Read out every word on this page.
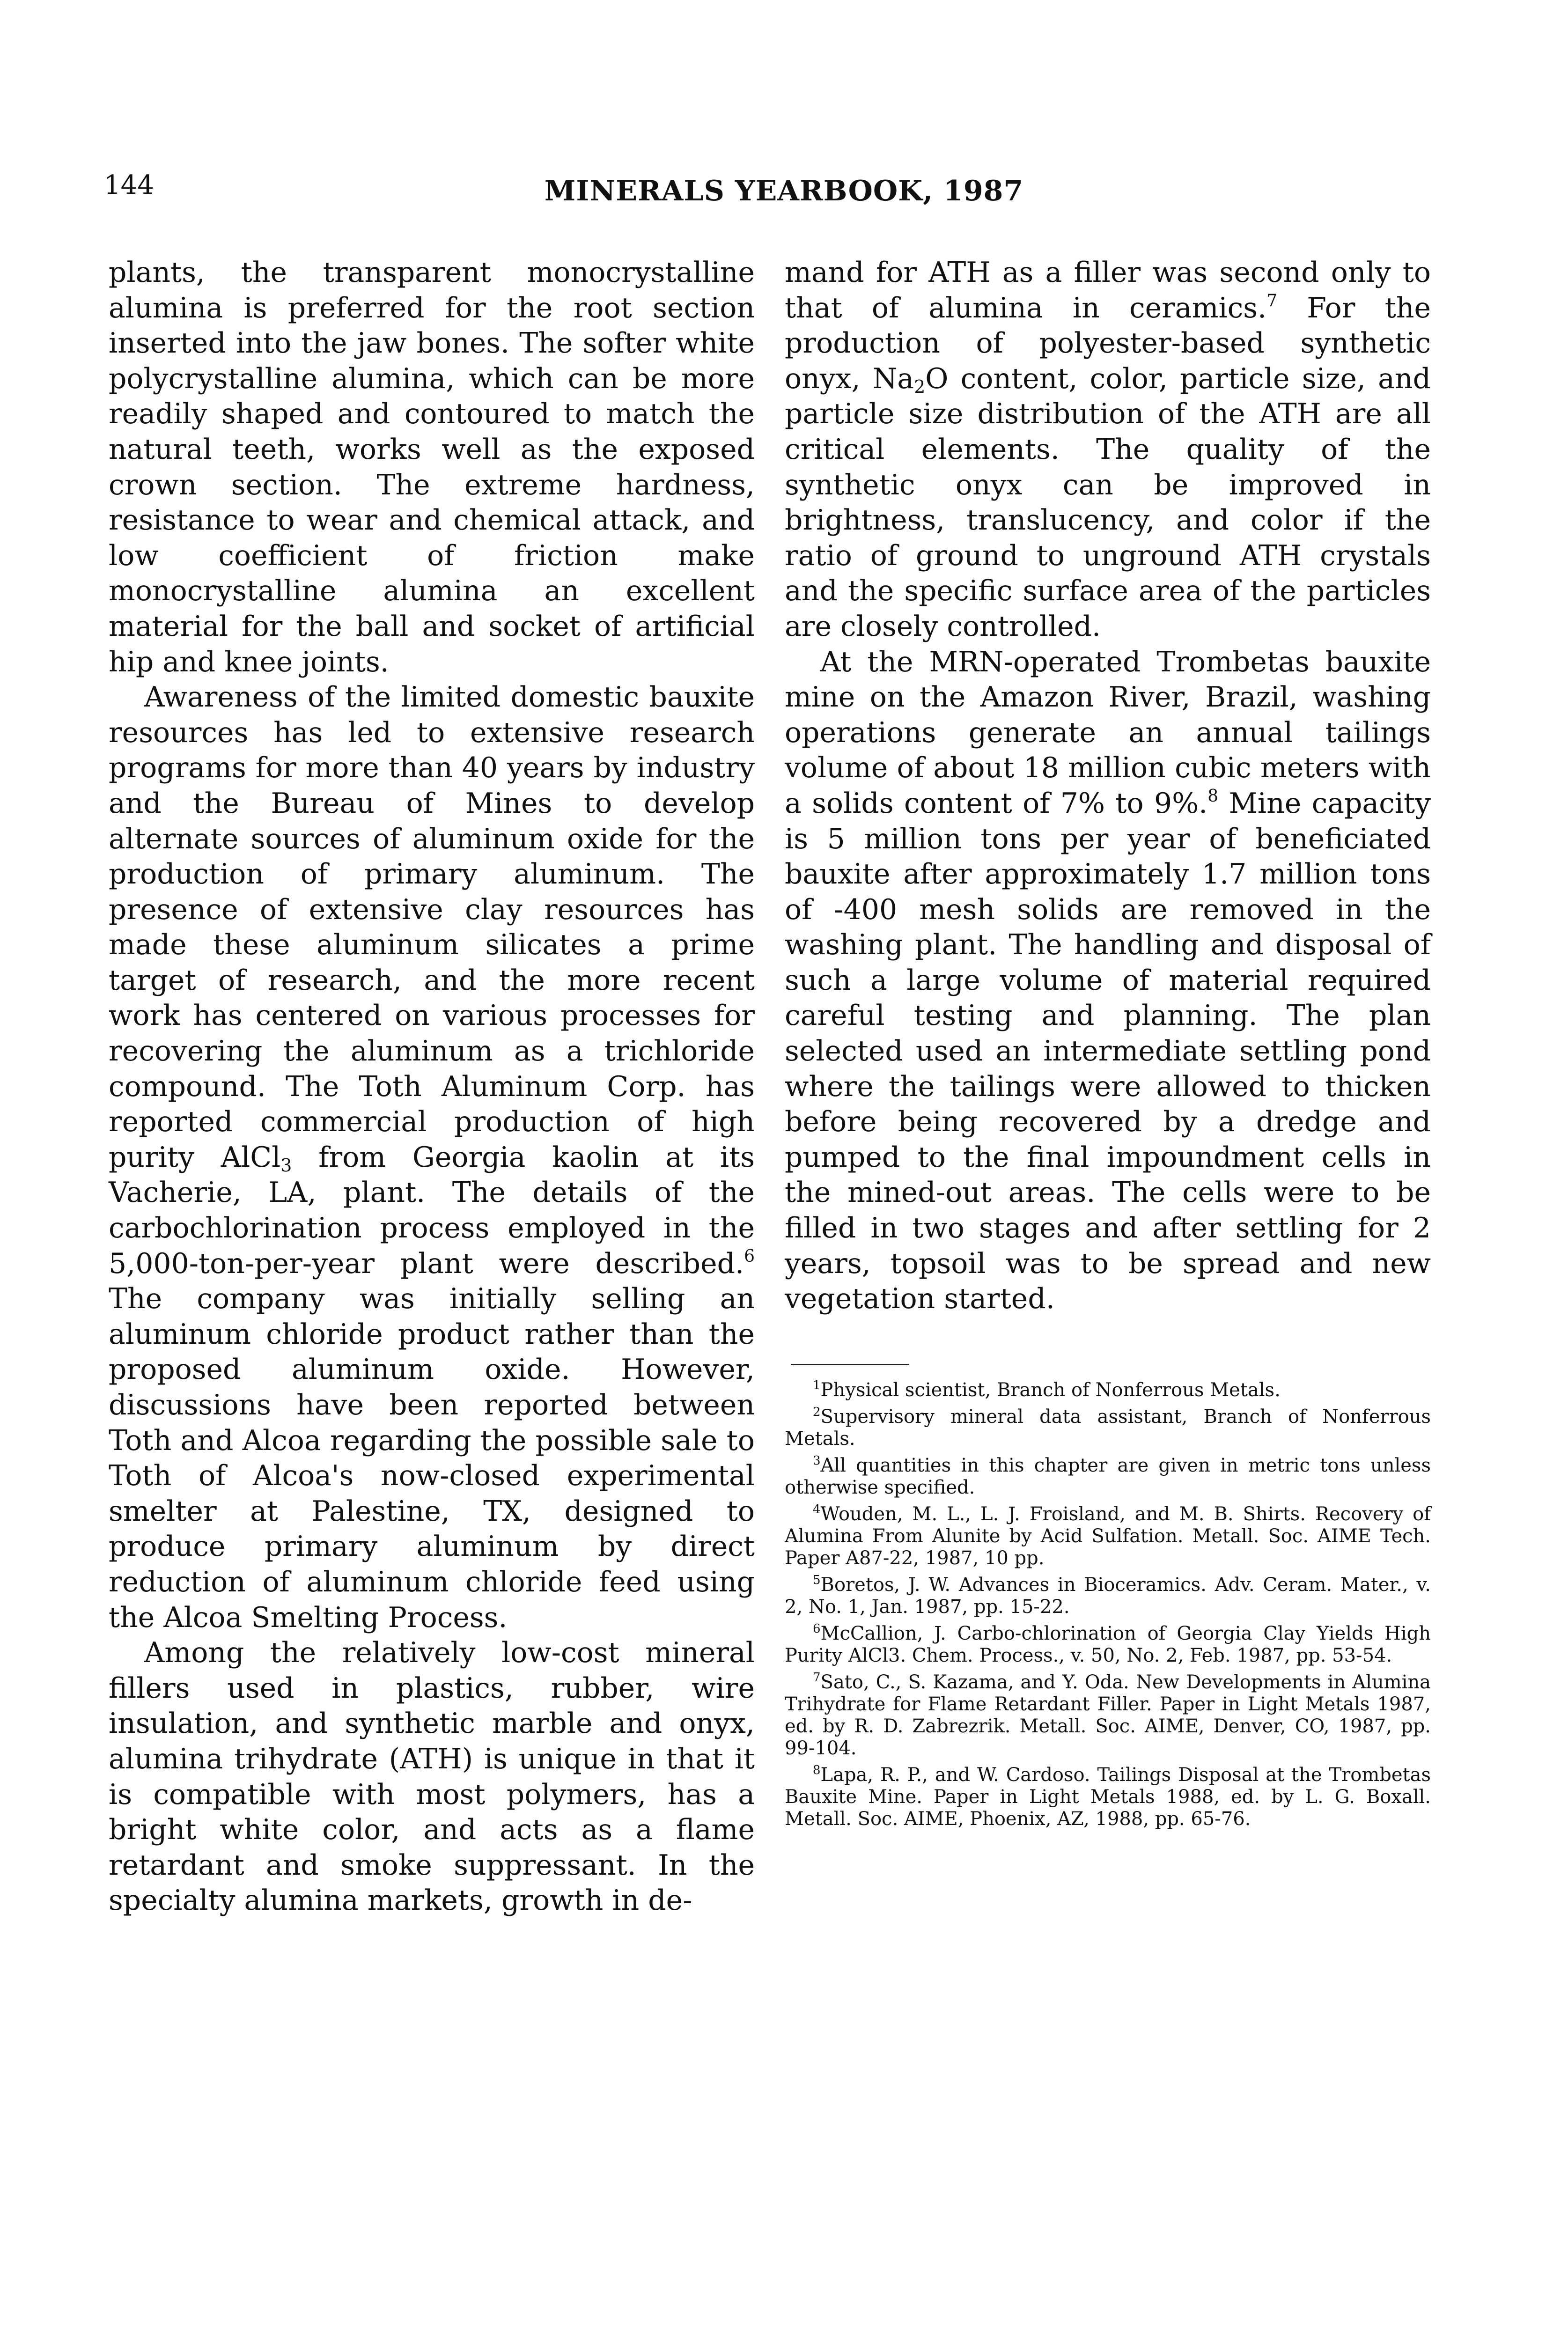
144	MINERALS YEARBOOK, 1987

plants, the transparent monocrystalline alumina is preferred for the root section inserted into the jaw bones. The softer white polycrystalline alumina, which can be more readily shaped and contoured to match the natural teeth, works well as the exposed crown section. The extreme hardness, resistance to wear and chemical attack, and low coefficient of friction make monocrystalline alumina an excellent material for the ball and socket of artificial hip and knee joints.

Awareness of the limited domestic bauxite resources has led to extensive research programs for more than 40 years by industry and the Bureau of Mines to develop alternate sources of aluminum oxide for the production of primary aluminum. The presence of extensive clay resources has made these aluminum silicates a prime target of research, and the more recent work has centered on various processes for recovering the aluminum as a trichloride compound. The Toth Aluminum Corp. has reported commercial production of high purity AlCl$_3$ from Georgia kaolin at its Vacherie, LA, plant. The details of the carbochlorination process employed in the 5,000-ton-per-year plant were described.$^6$ The company was initially selling an aluminum chloride product rather than the proposed aluminum oxide. However, discussions have been reported between Toth and Alcoa regarding the possible sale to Toth of Alcoa's now-closed experimental smelter at Palestine, TX, designed to produce primary aluminum by direct reduction of aluminum chloride feed using the Alcoa Smelting Process.

Among the relatively low-cost mineral fillers used in plastics, rubber, wire insulation, and synthetic marble and onyx, alumina trihydrate (ATH) is unique in that it is compatible with most polymers, has a bright white color, and acts as a flame retardant and smoke suppressant. In the specialty alumina markets, growth in de-

mand for ATH as a filler was second only to that of alumina in ceramics.$^7$ For the production of polyester-based synthetic onyx, $Na_2O$ content, color, particle size, and particle size distribution of the ATH are all critical elements. The quality of the synthetic onyx can be improved in brightness, translucency, and color if the ratio of ground to unground ATH crystals and the specific surface area of the particles are closely controlled.

At the MRN-operated Trombetas bauxite mine on the Amazon River, Brazil, washing operations generate an annual tailings volume of about 18 million cubic meters with a solids content of 7% to 9%.$^8$ Mine capacity is 5 million tons per year of beneficiated bauxite after approximately 1.7 million tons of -400 mesh solids are removed in the washing plant. The handling and disposal of such a large volume of material required careful testing and planning. The plan selected used an intermediate settling pond where the tailings were allowed to thicken before being recovered by a dredge and pumped to the final impoundment cells in the mined-out areas. The cells were to be filled in two stages and after settling for 2 years, topsoil was to be spread and new vegetation started.

$^1$Physical scientist, Branch of Nonferrous Metals.
$^2$Supervisory mineral data assistant, Branch of Nonferrous Metals.
$^3$All quantities in this chapter are given in metric tons unless otherwise specified.
$^4$Wouden, M. L., L. J. Froisland, and M. B. Shirts. Recovery of Alumina From Alunite by Acid Sulfation. Metall. Soc. AIME Tech. Paper A87-22, 1987, 10 pp.
$^5$Boretos, J. W. Advances in Bioceramics. Adv. Ceram. Mater., v. 2, No. 1, Jan. 1987, pp. 15-22.
$^6$McCallion, J. Carbo-chlorination of Georgia Clay Yields High Purity AlCl3. Chem. Process., v. 50, No. 2, Feb. 1987, pp. 53-54.
$^7$Sato, C., S. Kazama, and Y. Oda. New Developments in Alumina Trihydrate for Flame Retardant Filler. Paper in Light Metals 1987, ed. by R. D. Zabrezrik. Metall. Soc. AIME, Denver, CO, 1987, pp. 99-104.
$^8$Lapa, R. P., and W. Cardoso. Tailings Disposal at the Trombetas Bauxite Mine. Paper in Light Metals 1988, ed. by L. G. Boxall. Metall. Soc. AIME, Phoenix, AZ, 1988, pp. 65-76.
